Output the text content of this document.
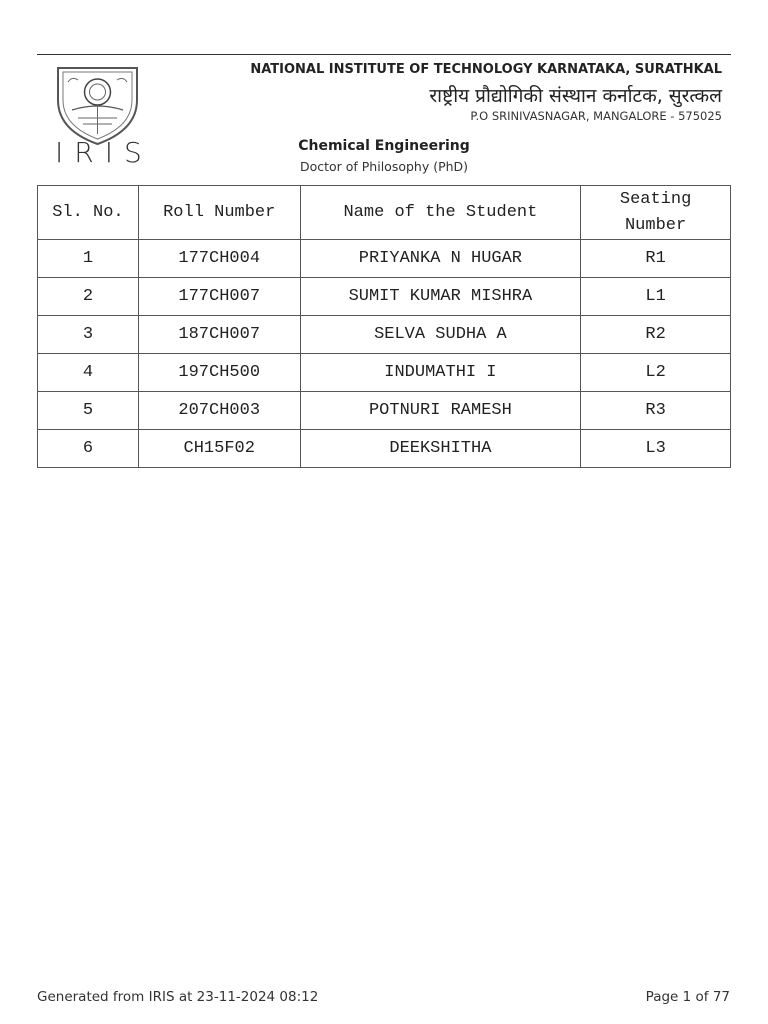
IRIS
NATIONAL INSTITUTE OF TECHNOLOGY KARNATAKA, SURATHKAL
राष्ट्रीय प्रौद्योगिकी संस्थान कर्नाटक, सुरत्कल
P.O SRINIVASNAGAR, MANGALORE - 575025
Chemical Engineering
Doctor of Philosophy (PhD)
Sl. No.	Roll Number	Name of the Student	Seating
Number
1	177CH004	PRIYANKA N HUGAR	R1
2	177CH007	SUMIT KUMAR MISHRA	L1
3	187CH007	SELVA SUDHA A	R2
4	197CH500	INDUMATHI I	L2
5	207CH003	POTNURI RAMESH	R3
6	CH15F02	DEEKSHITHA	L3
Generated from IRIS at 23-11-2024 08:12	Page 1 of 77
